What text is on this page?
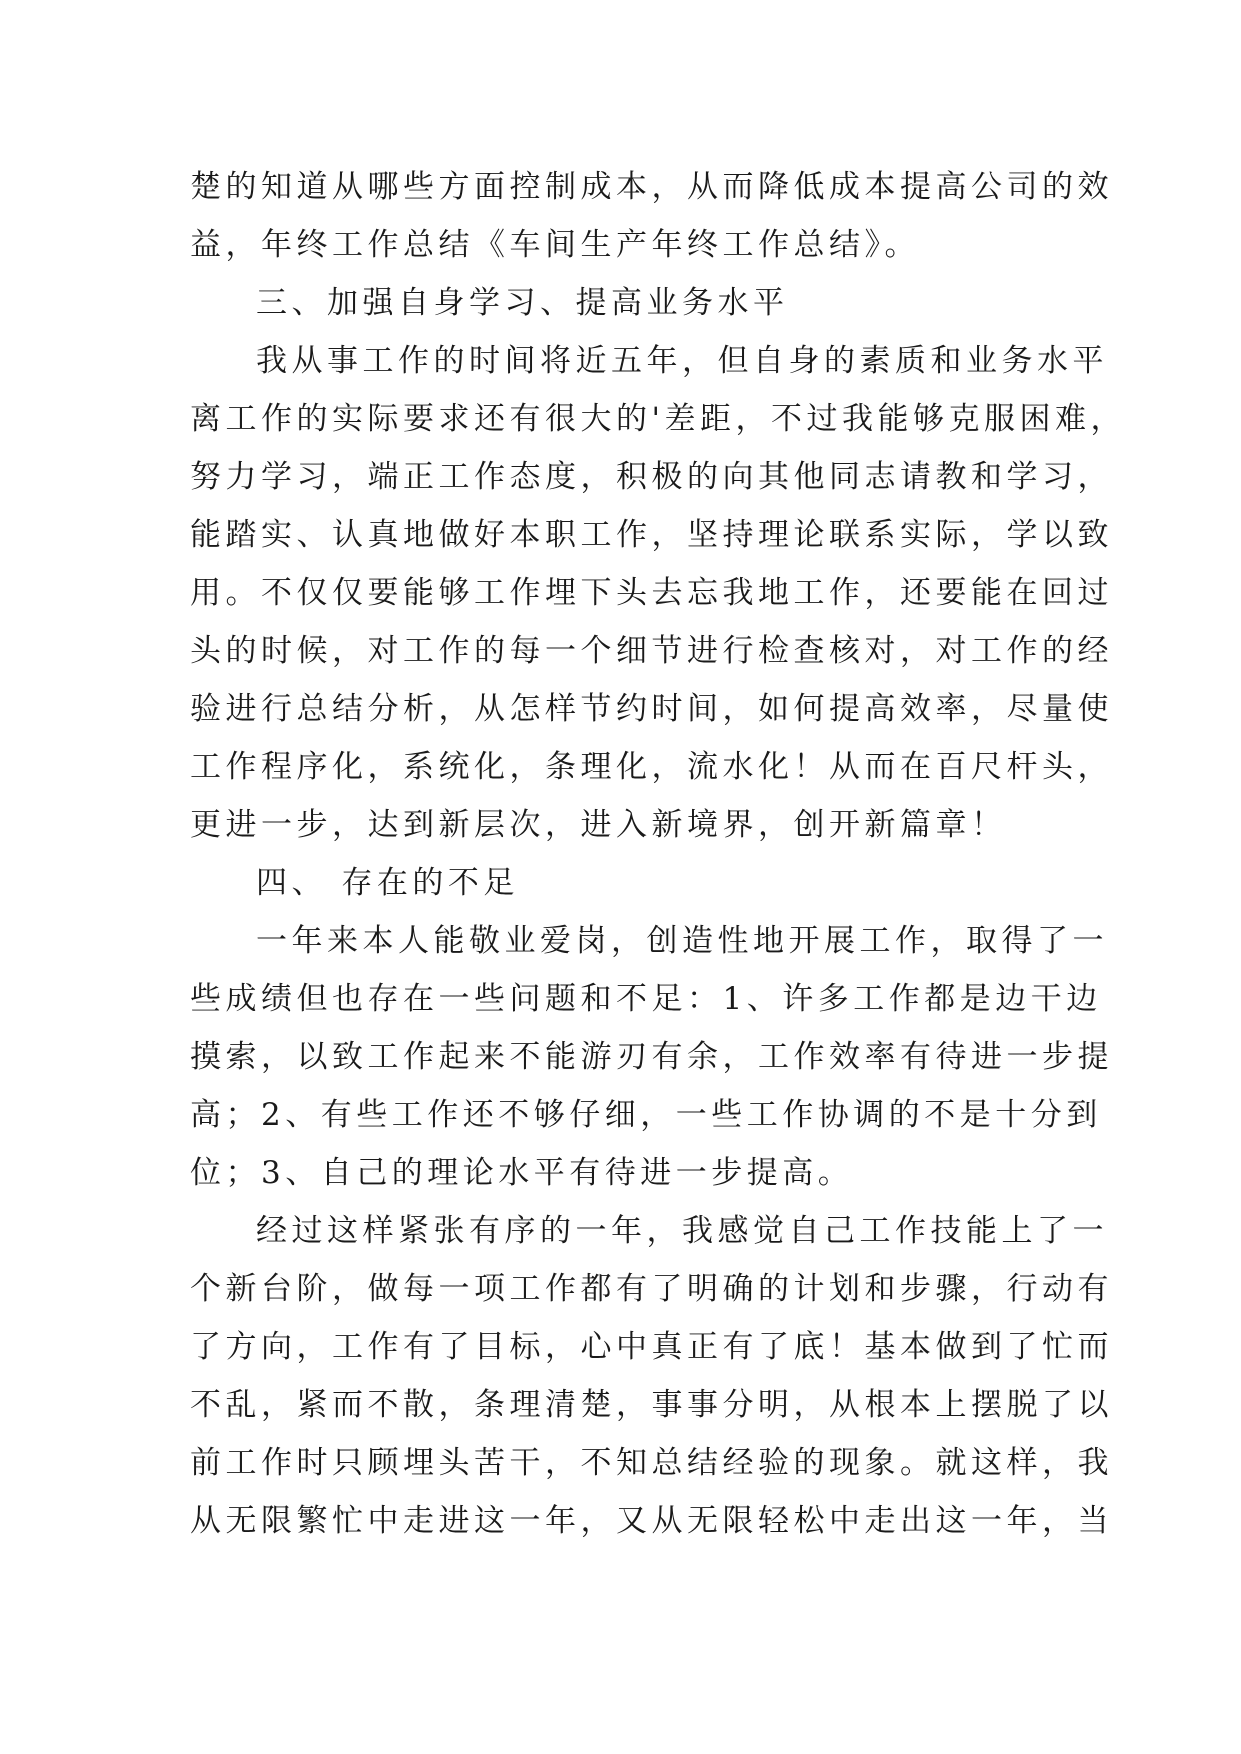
楚的知道从哪些方面控制成本，从而降低成本提高公司的效
益，年终工作总结《车间生产年终工作总结》。
三、加强自身学习、提高业务水平
我从事工作的时间将近五年，但自身的素质和业务水平
离工作的实际要求还有很大的'差距，不过我能够克服困难，
努力学习，端正工作态度，积极的向其他同志请教和学习，
能踏实、认真地做好本职工作，坚持理论联系实际，学以致
用。不仅仅要能够工作埋下头去忘我地工作，还要能在回过
头的时候，对工作的每一个细节进行检查核对，对工作的经
验进行总结分析，从怎样节约时间，如何提高效率，尽量使
工作程序化，系统化，条理化，流水化！从而在百尺杆头，
更进一步，达到新层次，进入新境界，创开新篇章！
四、 存在的不足
一年来本人能敬业爱岗，创造性地开展工作，取得了一
些成绩但也存在一些问题和不足：1、许多工作都是边干边
摸索，以致工作起来不能游刃有余，工作效率有待进一步提
高；2、有些工作还不够仔细，一些工作协调的不是十分到
位；3、自己的理论水平有待进一步提高。
经过这样紧张有序的一年，我感觉自己工作技能上了一
个新台阶，做每一项工作都有了明确的计划和步骤，行动有
了方向，工作有了目标，心中真正有了底！基本做到了忙而
不乱，紧而不散，条理清楚，事事分明，从根本上摆脱了以
前工作时只顾埋头苦干，不知总结经验的现象。就这样，我
从无限繁忙中走进这一年，又从无限轻松中走出这一年，当
